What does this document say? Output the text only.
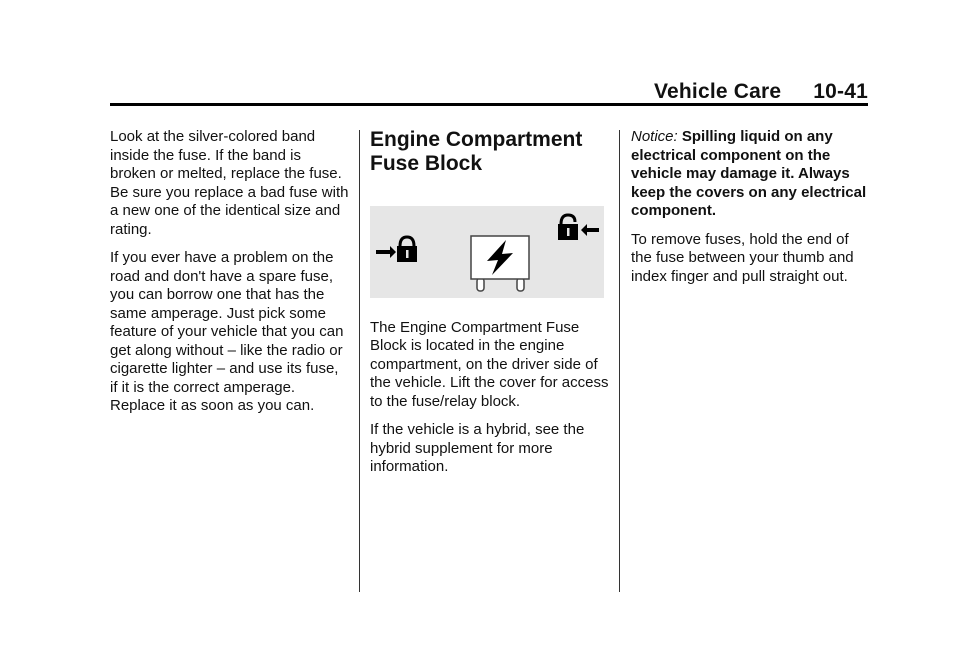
Vehicle Care 10-41

Look at the silver-colored band inside the fuse. If the band is broken or melted, replace the fuse. Be sure you replace a bad fuse with a new one of the identical size and rating.

If you ever have a problem on the road and don't have a spare fuse, you can borrow one that has the same amperage. Just pick some feature of your vehicle that you can get along without – like the radio or cigarette lighter – and use its fuse, if it is the correct amperage. Replace it as soon as you can.

Engine Compartment
Fuse Block

The Engine Compartment Fuse Block is located in the engine compartment, on the driver side of the vehicle. Lift the cover for access to the fuse/relay block.

If the vehicle is a hybrid, see the hybrid supplement for more information.

Notice: Spilling liquid on any electrical component on the vehicle may damage it. Always keep the covers on any electrical component.

To remove fuses, hold the end of the fuse between your thumb and index finger and pull straight out.
